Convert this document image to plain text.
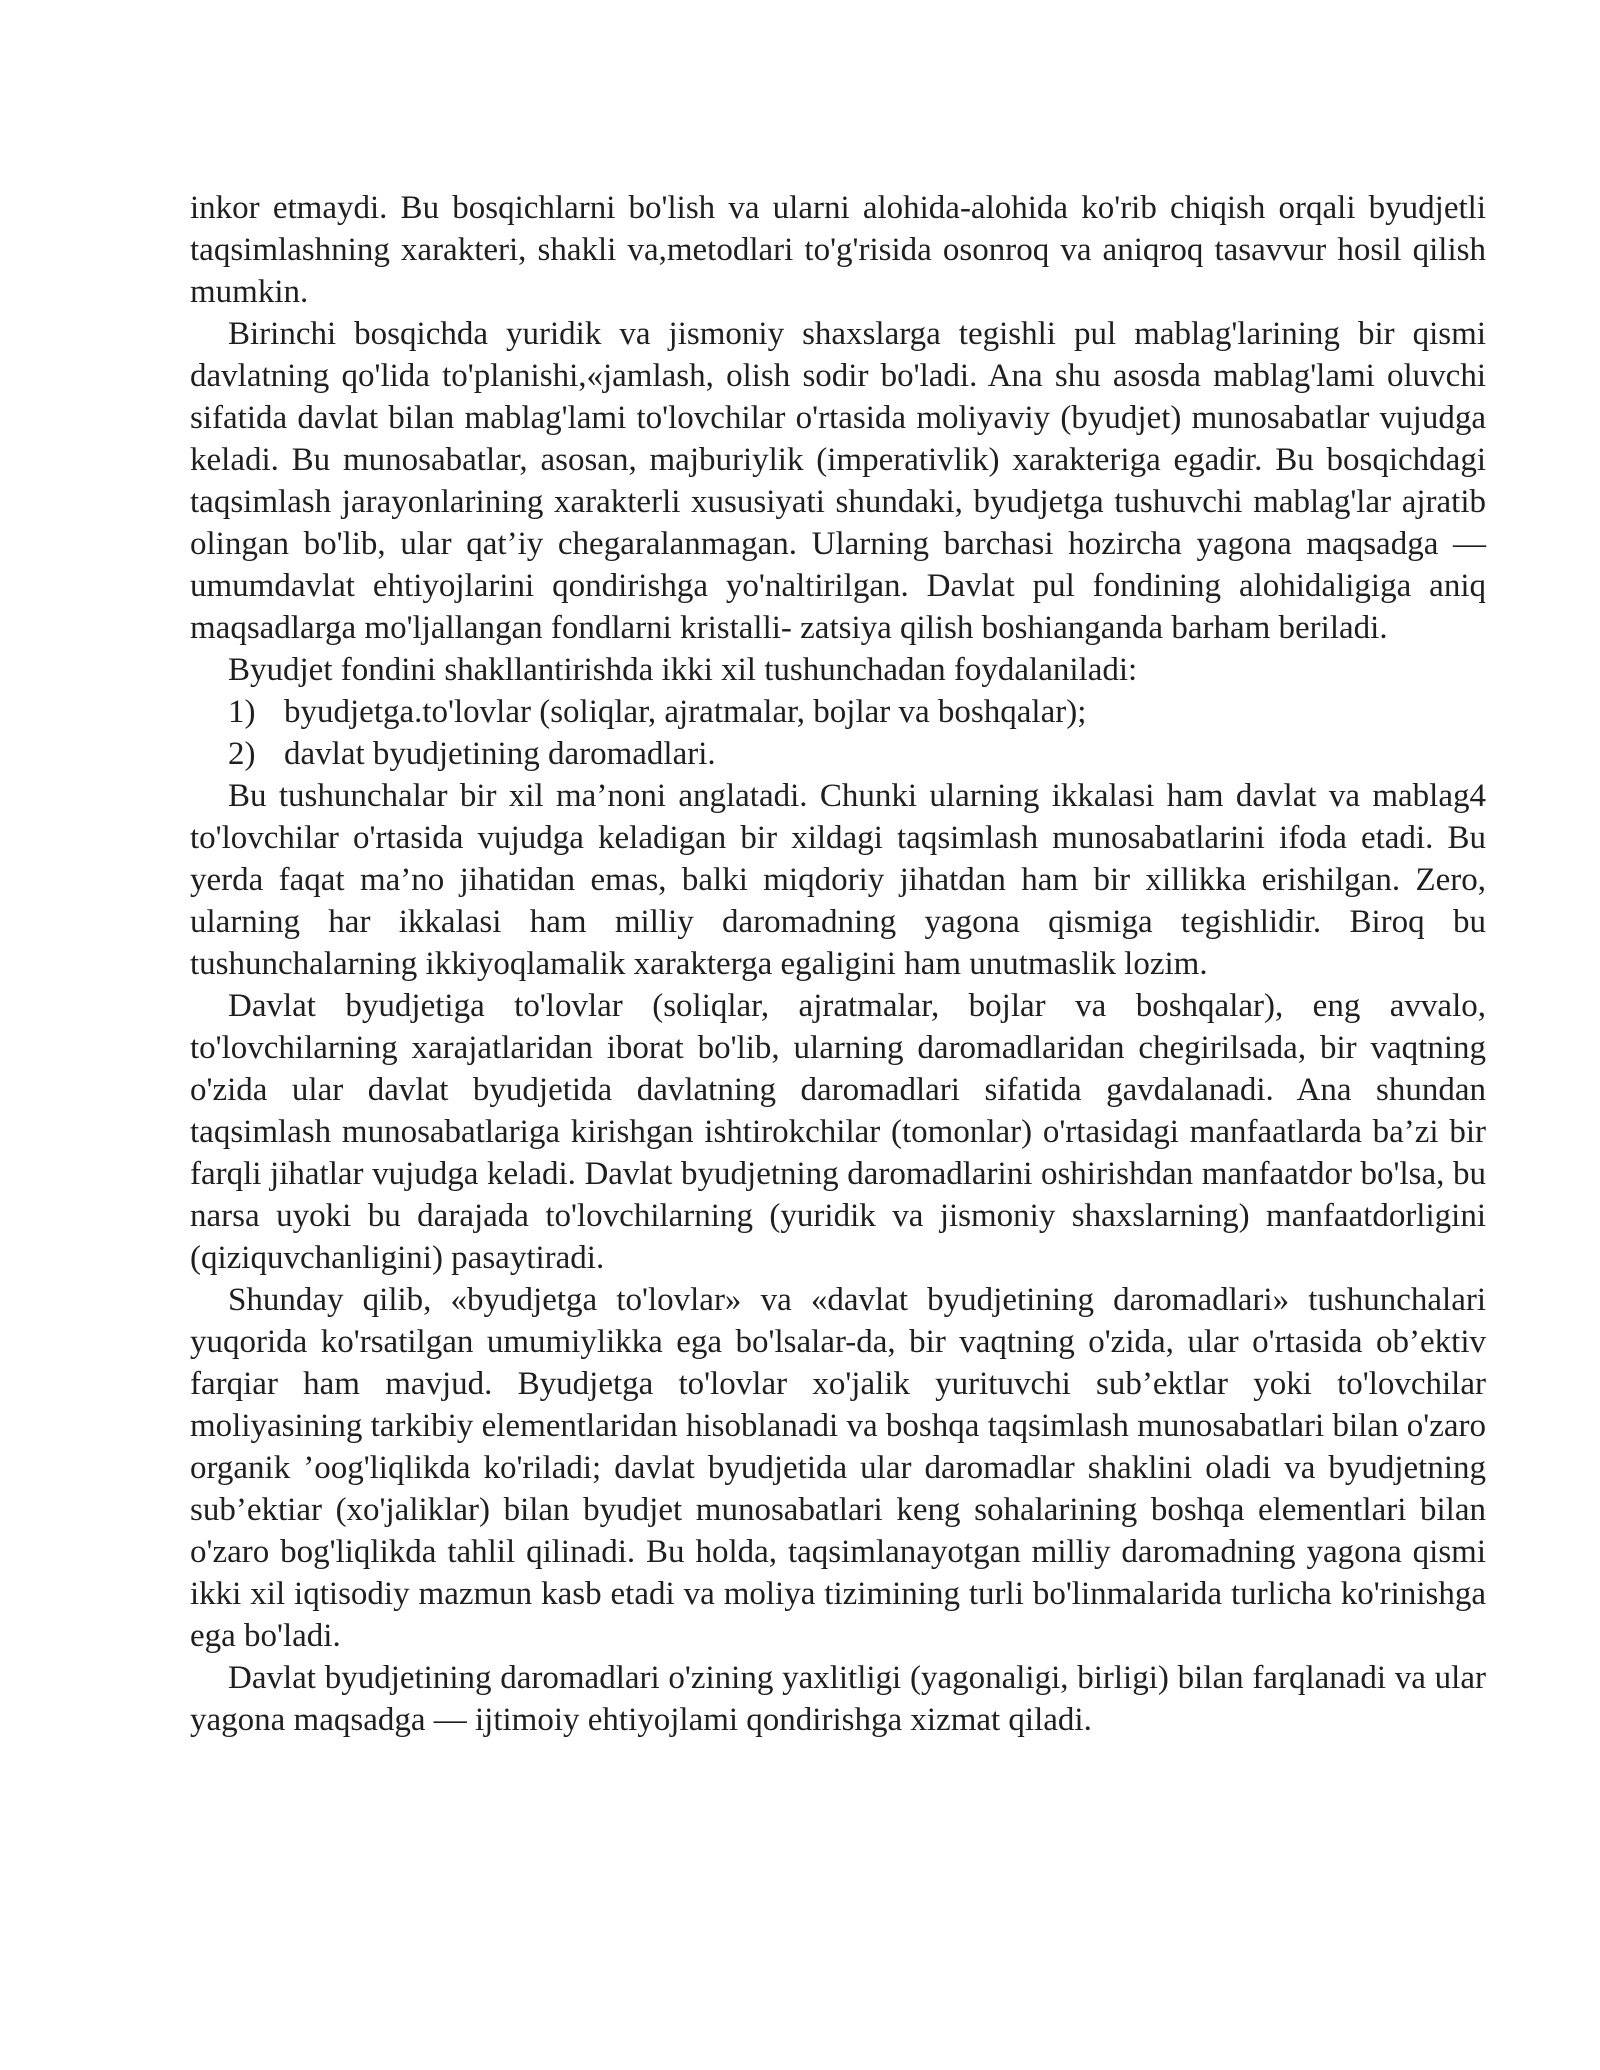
inkor etmaydi. Bu bosqichlarni bo'lish va ularni alohida-alohida ko'rib chiqish orqali byudjetli taqsimlashning xarakteri, shakli va,metodlari to'g'risida osonroq va aniqroq tasavvur hosil qilish mumkin.

Birinchi bosqichda yuridik va jismoniy shaxslarga tegishli pul mablag'larining bir qismi davlatning qo'lida to'planishi,«jamlash, olish sodir bo'ladi. Ana shu asosda mablag'lami oluvchi sifatida davlat bilan mablag'lami to'lovchilar o'rtasida moliyaviy (byudjet) munosabatlar vujudga keladi. Bu munosabatlar, asosan, majburiylik (imperativlik) xarakteriga egadir. Bu bosqichdagi taqsimlash jarayonlarining xarakterli xususiyati shundaki, byudjetga tushuvchi mablag'lar ajratib olingan bo'lib, ular qat’iy chegaralanmagan. Ularning barchasi hozircha yagona maqsadga — umumdavlat ehtiyojlarini qondirishga yo'naltirilgan. Davlat pul fondining alohidaligiga aniq maqsadlarga mo'ljallangan fondlarni kristalli- zatsiya qilish boshianganda barham beriladi.

Byudjet fondini shakllantirishda ikki xil tushunchadan foydalaniladi:

1) byudjetga.to'lovlar (soliqlar, ajratmalar, bojlar va boshqalar);
2) davlat byudjetining daromadlari.

Bu tushunchalar bir xil ma’noni anglatadi. Chunki ularning ikkalasi ham davlat va mablag4 to'lovchilar o'rtasida vujudga keladigan bir xildagi taqsimlash munosabatlarini ifoda etadi. Bu yerda faqat ma’no jihatidan emas, balki miqdoriy jihatdan ham bir xillikka erishilgan. Zero, ularning har ikkalasi ham milliy daromadning yagona qismiga tegishlidir. Biroq bu tushunchalarning ikkiyoqlamalik xarakterga egaligini ham unutmaslik lozim.

Davlat byudjetiga to'lovlar (soliqlar, ajratmalar, bojlar va boshqalar), eng avvalo, to'lovchilarning xarajatlaridan iborat bo'lib, ularning daromadlaridan chegirilsada, bir vaqtning o'zida ular davlat byudjetida davlatning daromadlari sifatida gavdalanadi. Ana shundan taqsimlash munosabatlariga kirishgan ishtirokchilar (tomonlar) o'rtasidagi manfaatlarda ba’zi bir farqli jihatlar vujudga keladi. Davlat byudjetning daromadlarini oshirishdan manfaatdor bo'lsa, bu narsa uyoki bu darajada to'lovchilarning (yuridik va jismoniy shaxslarning) manfaatdorligini (qiziquvchanligini) pasaytiradi.

Shunday qilib, «byudjetga to'lovlar» va «davlat byudjetining daromadlari» tushunchalari yuqorida ko'rsatilgan umumiylikka ega bo'lsalar-da, bir vaqtning o'zida, ular o'rtasida ob’ektiv farqiar ham mavjud. Byudjetga to'lovlar xo'jalik yurituvchi sub’ektlar yoki to'lovchilar moliyasining tarkibiy elementlaridan hisoblanadi va boshqa taqsimlash munosabatlari bilan o'zaro organik ’oog'liqlikda ko'riladi; davlat byudjetida ular daromadlar shaklini oladi va byudjetning sub’ektiar (xo'jaliklar) bilan byudjet munosabatlari keng sohalarining boshqa elementlari bilan o'zaro bog'liqlikda tahlil qilinadi. Bu holda, taqsimlanayotgan milliy daromadning yagona qismi ikki xil iqtisodiy mazmun kasb etadi va moliya tizimining turli bo'linmalarida turlicha ko'rinishga ega bo'ladi.

Davlat byudjetining daromadlari o'zining yaxlitligi (yagonaligi, birligi) bilan farqlanadi va ular yagona maqsadga — ijtimoiy ehtiyojlami qondirishga xizmat qiladi.
